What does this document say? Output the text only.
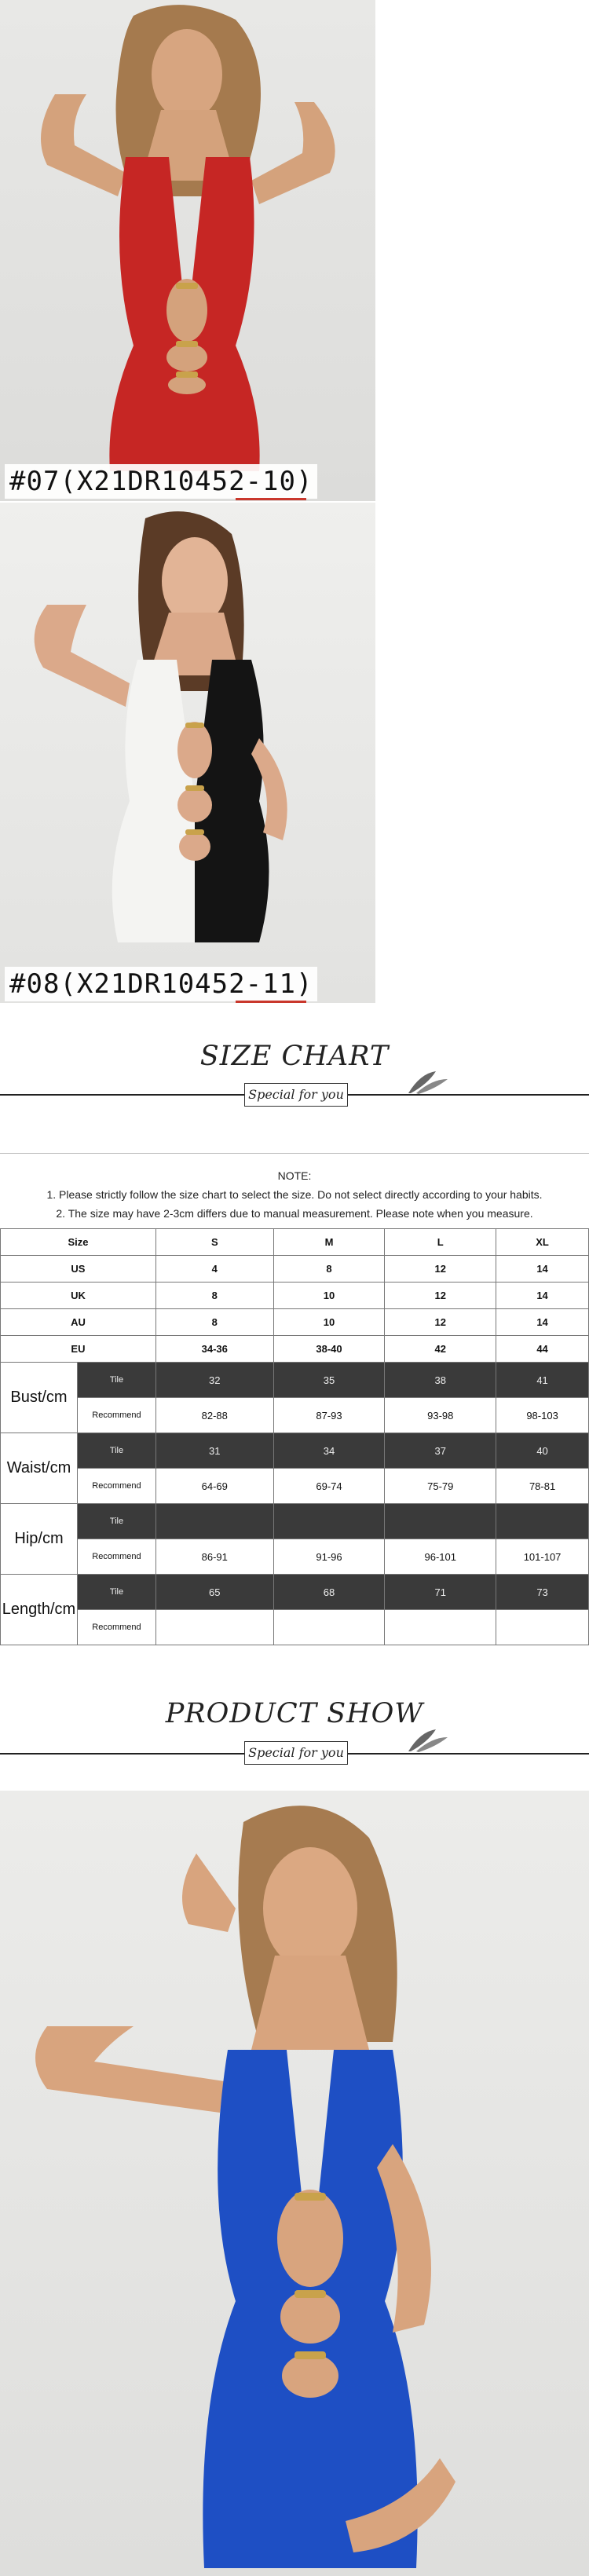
#07(X21DR10452-10)
#08(X21DR10452-11)
SIZE CHART
Special for you
NOTE:
1. Please strictly follow the size chart to select the size. Do not select directly according to your habits.
2. The size may have 2-3cm differs due to manual measurement. Please note when you measure.
Size		S	M	L	XL
US		4	8	12	14
UK		8	10	12	14
AU		8	10	12	14
EU		34-36	38-40	42	44
Bust/cm	Tile	32	35	38	41
	Recommend	82-88	87-93	93-98	98-103
Waist/cm	Tile	31	34	37	40
	Recommend	64-69	69-74	75-79	78-81
Hip/cm	Tile				
	Recommend	86-91	91-96	96-101	101-107
Length/cm	Tile	65	68	71	73
	Recommend				
PRODUCT SHOW
Special for you
